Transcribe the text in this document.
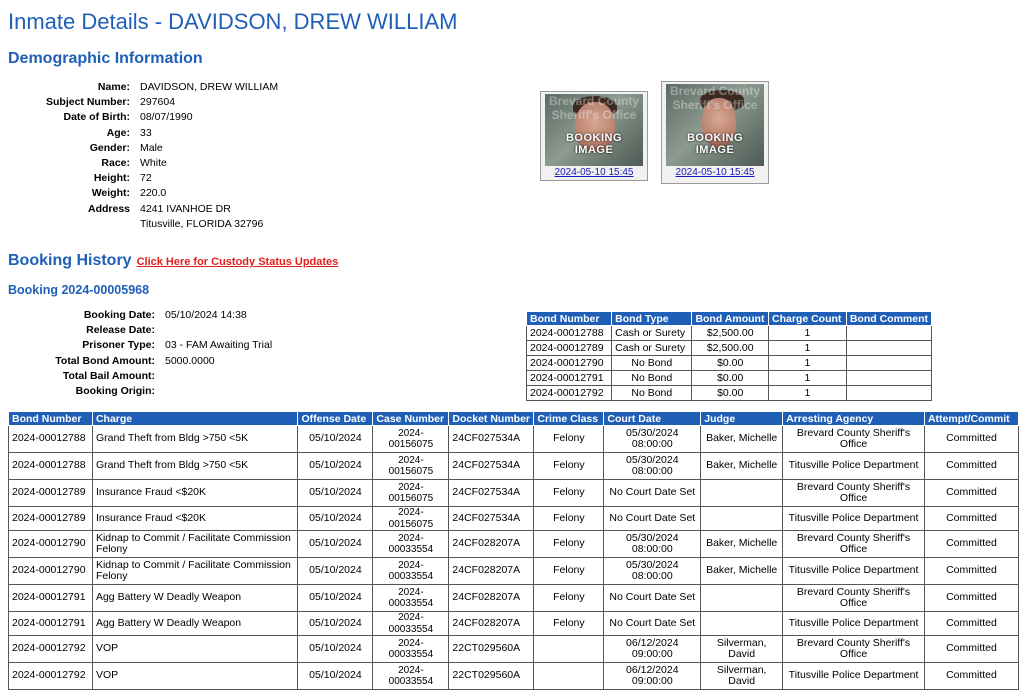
Inmate Details - DAVIDSON, DREW WILLIAM
Demographic Information
Name: DAVIDSON, DREW WILLIAM
Subject Number: 297604
Date of Birth: 08/07/1990
Age: 33
Gender: Male
Race: White
Height: 72
Weight: 220.0
Address 4241 IVANHOE DR
Titusville, FLORIDA 32796
Brevard County Sheriff's Office
BOOKING IMAGE
2024-05-10 15:45
Brevard County Sheriff's Office
BOOKING IMAGE
2024-05-10 15:45
Booking History Click Here for Custody Status Updates
Booking 2024-00005968
Booking Date: 05/10/2024 14:38
Release Date:
Prisoner Type: 03 - FAM Awaiting Trial
Total Bond Amount: 5000.0000
Total Bail Amount:
Booking Origin:
Bond Number	Bond Type	Bond Amount	Charge Count	Bond Comment
2024-00012788	Cash or Surety	$2,500.00	1	
2024-00012789	Cash or Surety	$2,500.00	1	
2024-00012790	No Bond	$0.00	1	
2024-00012791	No Bond	$0.00	1	
2024-00012792	No Bond	$0.00	1	
Bond Number	Charge	Offense Date	Case Number	Docket Number	Crime Class	Court Date	Judge	Arresting Agency	Attempt/Commit
2024-00012788	Grand Theft from Bldg >750 <5K	05/10/2024	2024-00156075	24CF027534A	Felony	05/30/2024 08:00:00	Baker, Michelle	Brevard County Sheriff's Office	Committed
2024-00012788	Grand Theft from Bldg >750 <5K	05/10/2024	2024-00156075	24CF027534A	Felony	05/30/2024 08:00:00	Baker, Michelle	Titusville Police Department	Committed
2024-00012789	Insurance Fraud <$20K	05/10/2024	2024-00156075	24CF027534A	Felony	No Court Date Set		Brevard County Sheriff's Office	Committed
2024-00012789	Insurance Fraud <$20K	05/10/2024	2024-00156075	24CF027534A	Felony	No Court Date Set		Titusville Police Department	Committed
2024-00012790	Kidnap to Commit / Facilitate Commission Felony	05/10/2024	2024-00033554	24CF028207A	Felony	05/30/2024 08:00:00	Baker, Michelle	Brevard County Sheriff's Office	Committed
2024-00012790	Kidnap to Commit / Facilitate Commission Felony	05/10/2024	2024-00033554	24CF028207A	Felony	05/30/2024 08:00:00	Baker, Michelle	Titusville Police Department	Committed
2024-00012791	Agg Battery W Deadly Weapon	05/10/2024	2024-00033554	24CF028207A	Felony	No Court Date Set		Brevard County Sheriff's Office	Committed
2024-00012791	Agg Battery W Deadly Weapon	05/10/2024	2024-00033554	24CF028207A	Felony	No Court Date Set		Titusville Police Department	Committed
2024-00012792	VOP	05/10/2024	2024-00033554	22CT029560A		06/12/2024 09:00:00	Silverman, David	Brevard County Sheriff's Office	Committed
2024-00012792	VOP	05/10/2024	2024-00033554	22CT029560A		06/12/2024 09:00:00	Silverman, David	Titusville Police Department	Committed
